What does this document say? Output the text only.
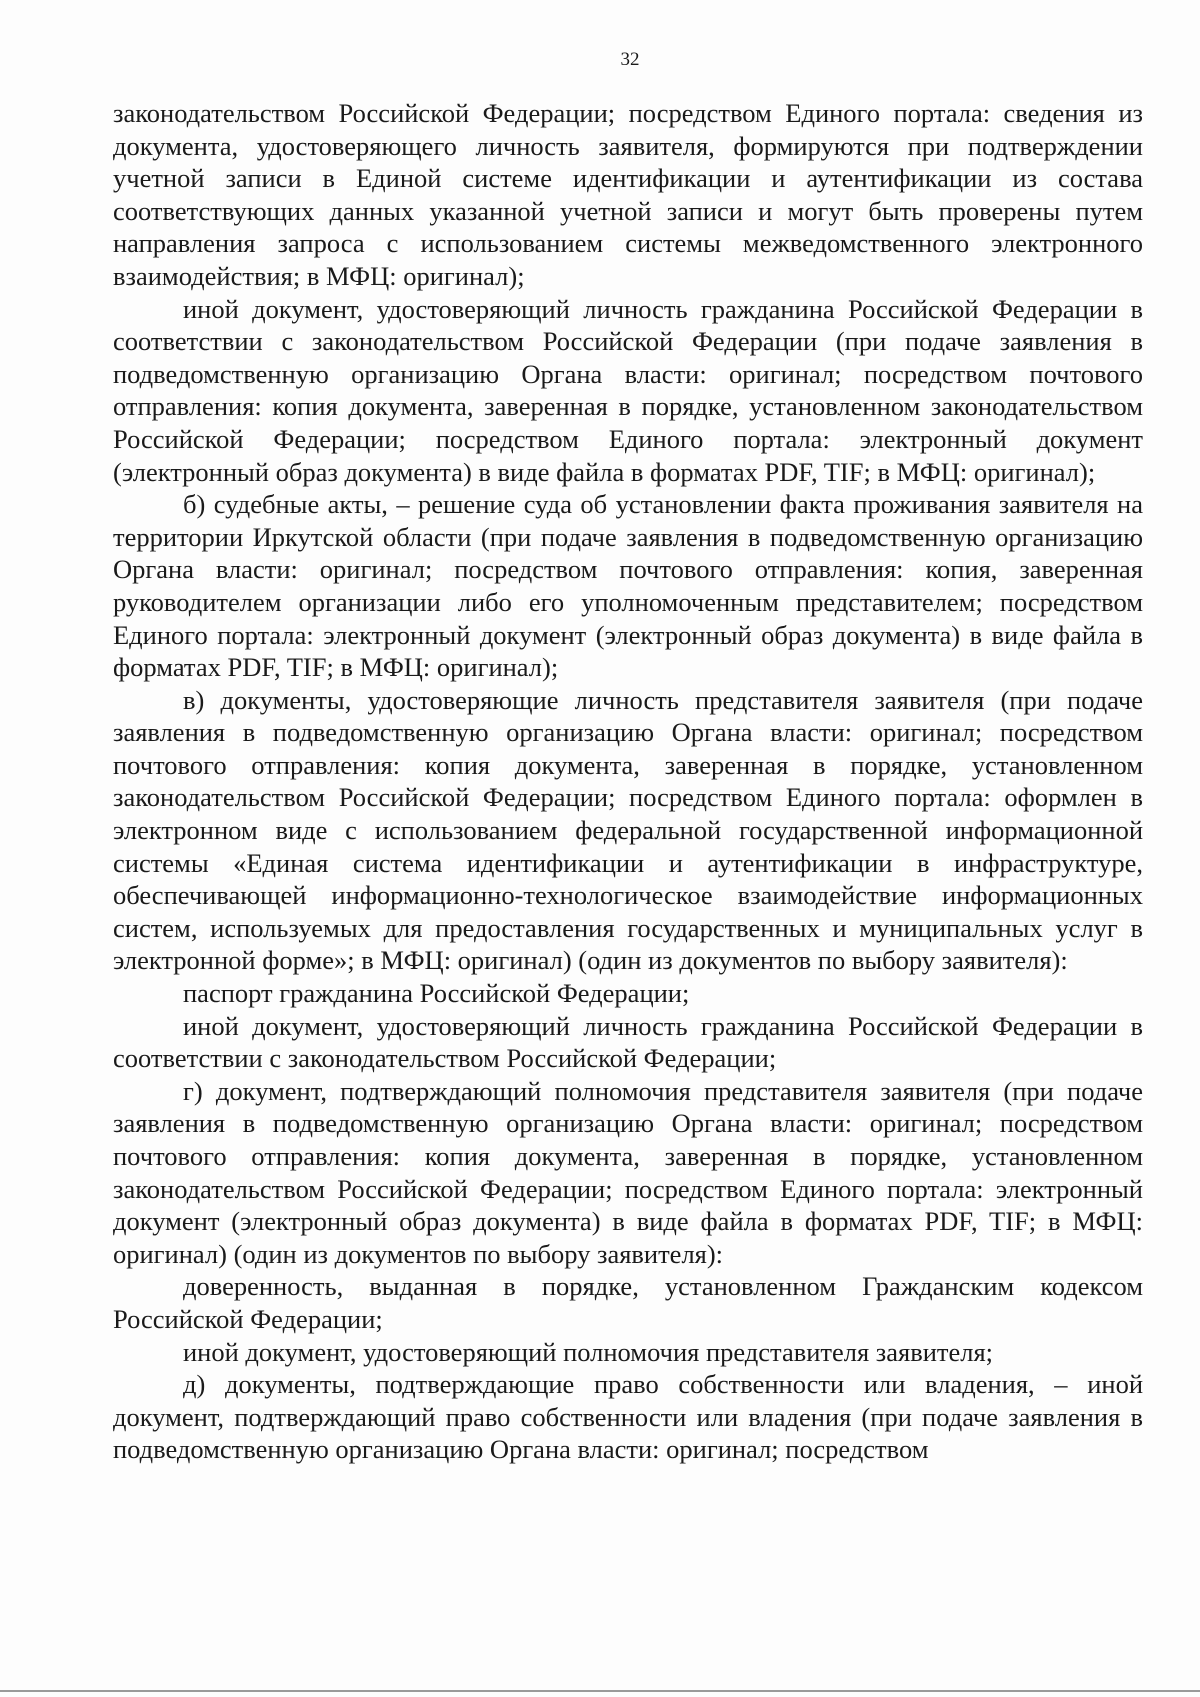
32

законодательством Российской Федерации; посредством Единого портала: сведения из документа, удостоверяющего личность заявителя, формируются при подтверждении учетной записи в Единой системе идентификации и аутентификации из состава соответствующих данных указанной учетной записи и могут быть проверены путем направления запроса с использованием системы межведомственного электронного взаимодействия; в МФЦ: оригинал);

иной документ, удостоверяющий личность гражданина Российской Федерации в соответствии с законодательством Российской Федерации (при подаче заявления в подведомственную организацию Органа власти: оригинал; посредством почтового отправления: копия документа, заверенная в порядке, установленном законодательством Российской Федерации; посредством Единого портала: электронный документ (электронный образ документа) в виде файла в форматах PDF, TIF; в МФЦ: оригинал);

б) судебные акты, – решение суда об установлении факта проживания заявителя на территории Иркутской области (при подаче заявления в подведомственную организацию Органа власти: оригинал; посредством почтового отправления: копия, заверенная руководителем организации либо его уполномоченным представителем; посредством Единого портала: электронный документ (электронный образ документа) в виде файла в форматах PDF, TIF; в МФЦ: оригинал);

в) документы, удостоверяющие личность представителя заявителя (при подаче заявления в подведомственную организацию Органа власти: оригинал; посредством почтового отправления: копия документа, заверенная в порядке, установленном законодательством Российской Федерации; посредством Единого портала: оформлен в электронном виде с использованием федеральной государственной информационной системы «Единая система идентификации и аутентификации в инфраструктуре, обеспечивающей информационно-технологическое взаимодействие информационных систем, используемых для предоставления государственных и муниципальных услуг в электронной форме»; в МФЦ: оригинал) (один из документов по выбору заявителя):

паспорт гражданина Российской Федерации;

иной документ, удостоверяющий личность гражданина Российской Федерации в соответствии с законодательством Российской Федерации;

г) документ, подтверждающий полномочия представителя заявителя (при подаче заявления в подведомственную организацию Органа власти: оригинал; посредством почтового отправления: копия документа, заверенная в порядке, установленном законодательством Российской Федерации; посредством Единого портала: электронный документ (электронный образ документа) в виде файла в форматах PDF, TIF; в МФЦ: оригинал) (один из документов по выбору заявителя):

доверенность, выданная в порядке, установленном Гражданским кодексом Российской Федерации;

иной документ, удостоверяющий полномочия представителя заявителя;

д) документы, подтверждающие право собственности или владения, – иной документ, подтверждающий право собственности или владения (при подаче заявления в подведомственную организацию Органа власти: оригинал; посредством
